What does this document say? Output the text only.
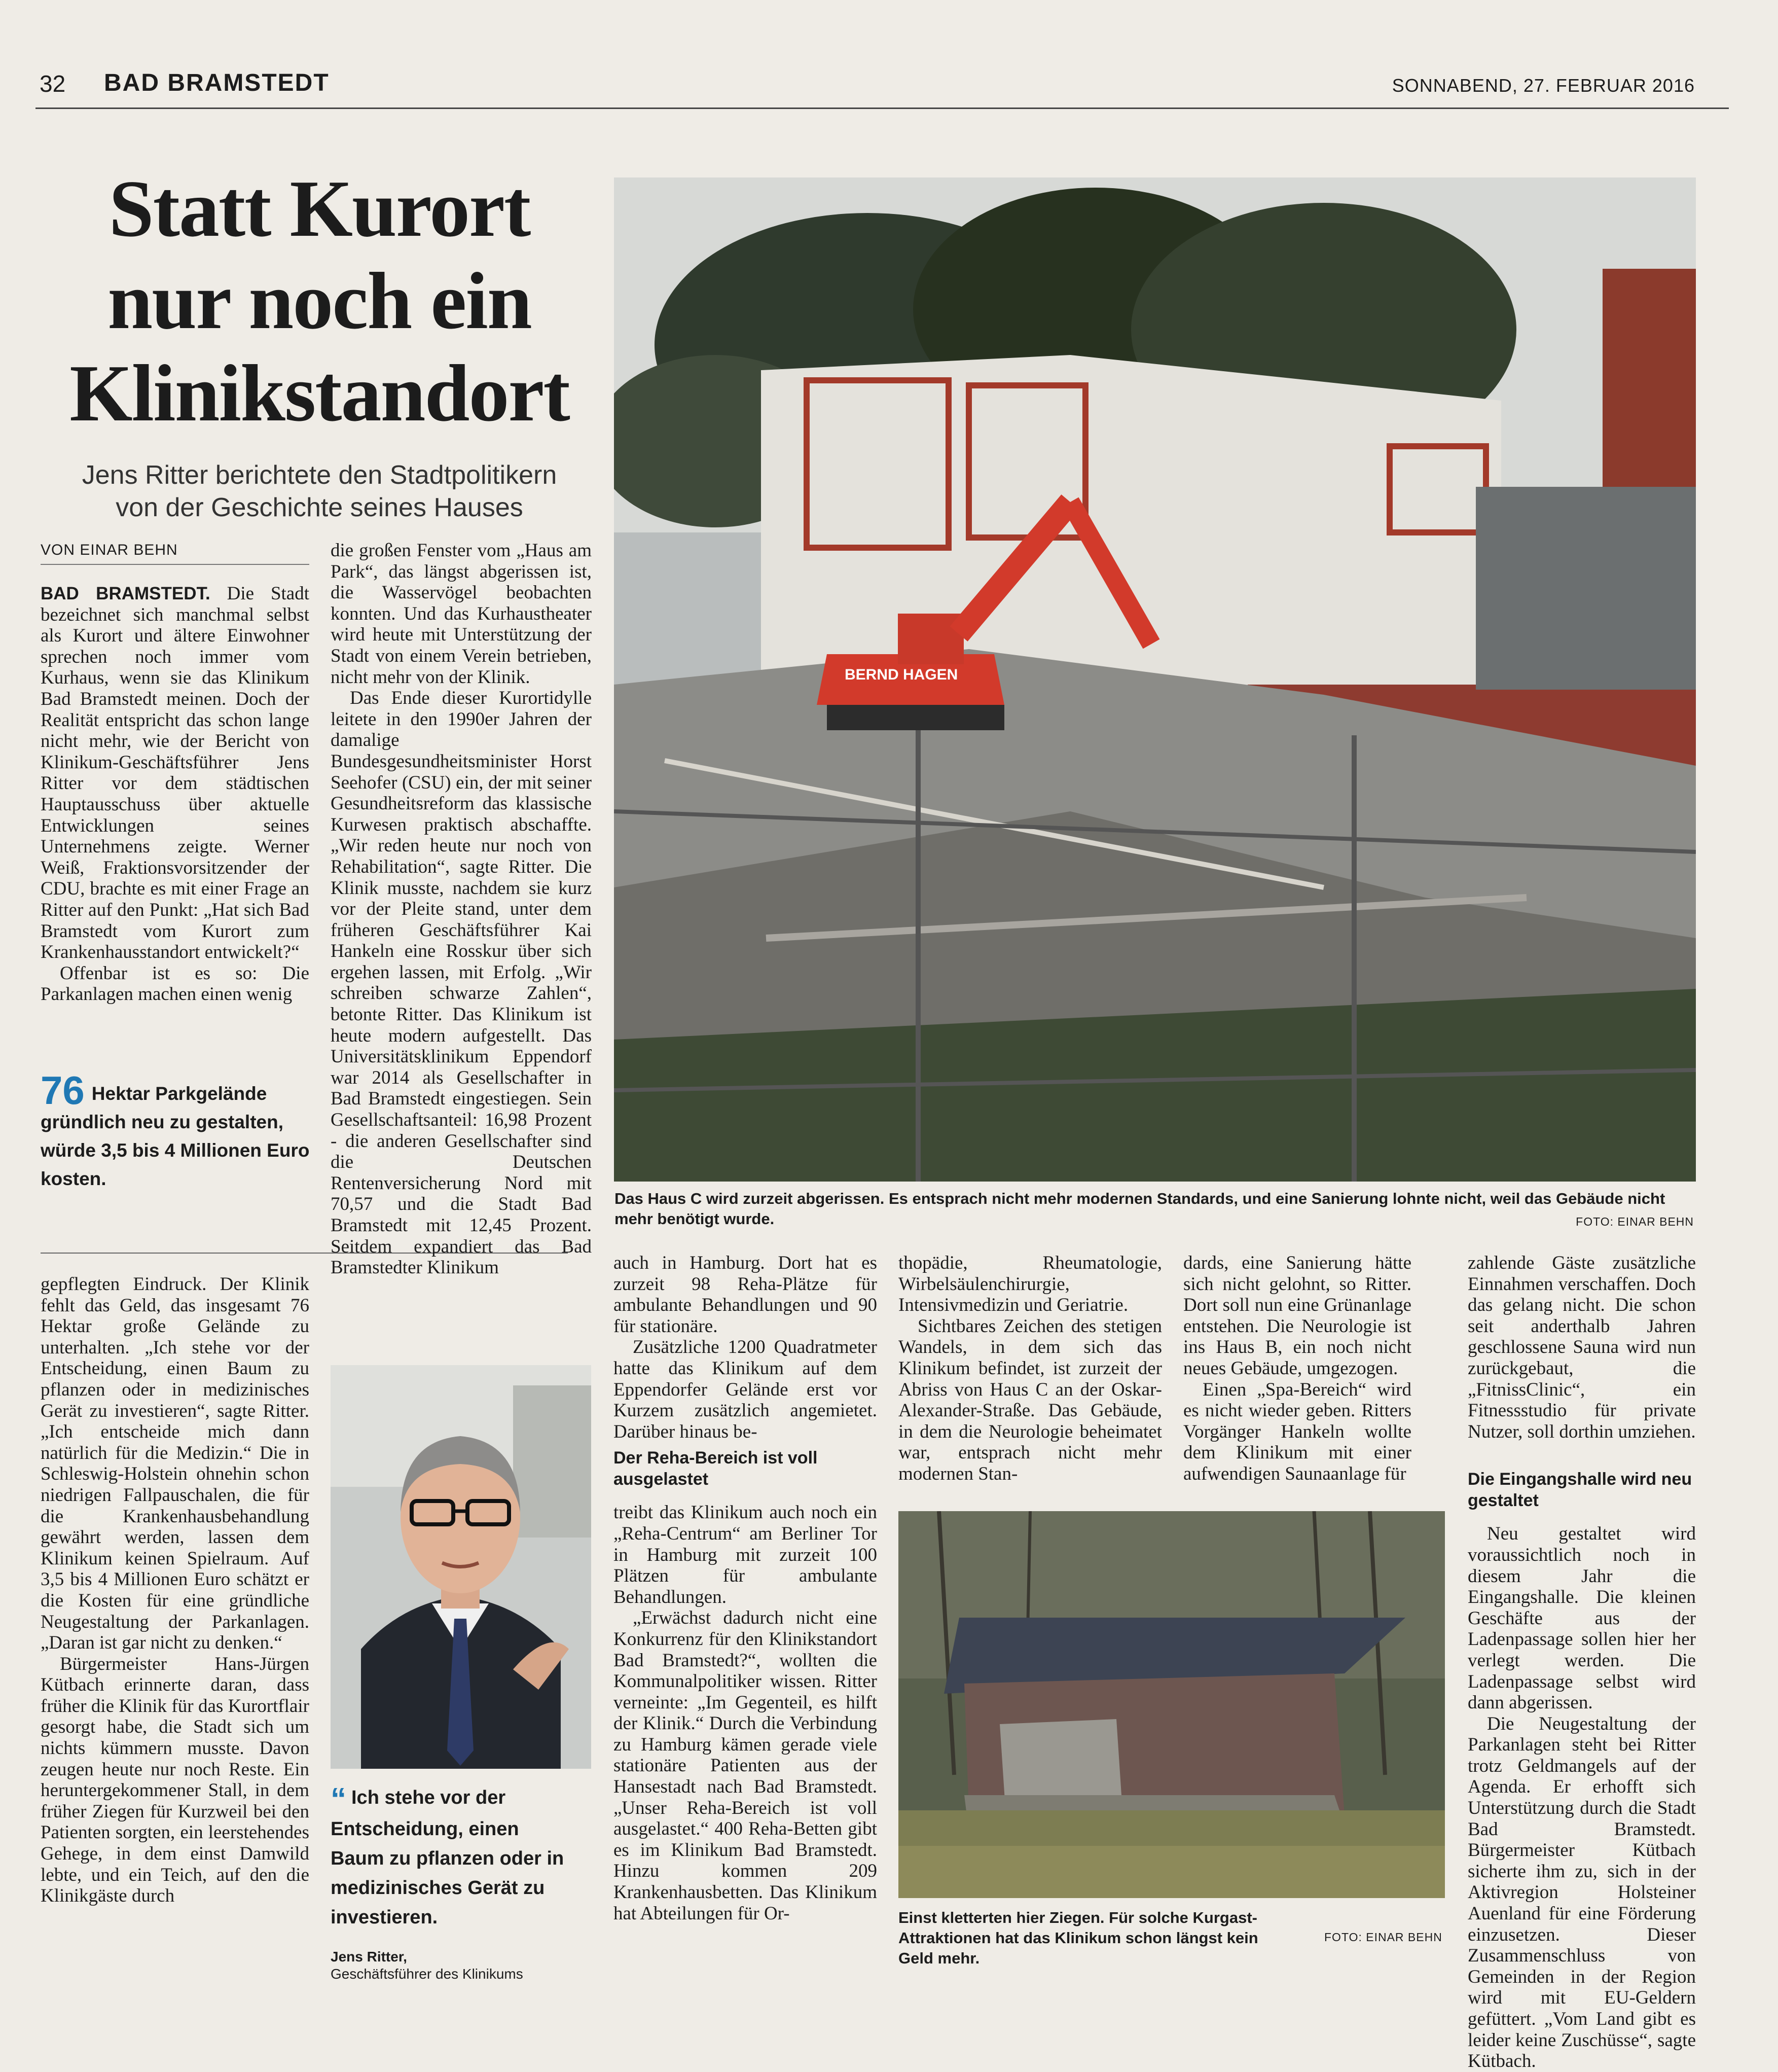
32 BAD BRAMSTEDT	SONNABEND, 27. FEBRUAR 2016
Statt Kurort
nur noch ein
Klinikstandort
Jens Ritter berichtete den Stadtpolitikern
von der Geschichte seines Hauses
VON EINAR BEHN

BAD BRAMSTEDT. Die Stadt bezeichnet sich manchmal selbst als Kurort und ältere Einwohner sprechen noch immer vom Kurhaus, wenn sie das Klinikum Bad Bramstedt meinen. Doch der Realität entspricht das schon lange nicht mehr, wie der Bericht von Klinikum-Geschäftsführer Jens Ritter vor dem städtischen Hauptausschuss über aktuelle Entwicklungen seines Unternehmens zeigte. Werner Weiß, Fraktionsvorsitzender der CDU, brachte es mit einer Frage an Ritter auf den Punkt: „Hat sich Bad Bramstedt vom Kurort zum Krankenhausstandort entwickelt?“

Offenbar ist es so: Die Parkanlagen machen einen wenig

76 Hektar Parkgelände gründlich neu zu gestalten, würde 3,5 bis 4 Millionen Euro kosten.

gepflegten Eindruck. Der Klinik fehlt das Geld, das insgesamt 76 Hektar große Gelände zu unterhalten. „Ich stehe vor der Entscheidung, einen Baum zu pflanzen oder in medizinisches Gerät zu investieren“, sagte Ritter. „Ich entscheide mich dann natürlich für die Medizin.“ Die in Schleswig-Holstein ohnehin schon niedrigen Fallpauschalen, die für die Krankenhausbehandlung gewährt werden, lassen dem Klinikum keinen Spielraum. Auf 3,5 bis 4 Millionen Euro schätzt er die Kosten für eine gründliche Neugestaltung der Parkanlagen. „Daran ist gar nicht zu denken.“

Bürgermeister Hans-Jürgen Kütbach erinnerte daran, dass früher die Klinik für das Kurortflair gesorgt habe, die Stadt sich um nichts kümmern musste. Davon zeugen heute nur noch Reste. Ein heruntergekommener Stall, in dem früher Ziegen für Kurzweil bei den Patienten sorgten, ein leerstehendes Gehege, in dem einst Damwild lebte, und ein Teich, auf den die Klinikgäste durch

die großen Fenster vom „Haus am Park“, das längst abgerissen ist, die Wasservögel beobachten konnten. Und das Kurhaustheater wird heute mit Unterstützung der Stadt von einem Verein betrieben, nicht mehr von der Klinik.

Das Ende dieser Kurortidylle leitete in den 1990er Jahren der damalige Bundesgesundheitsminister Horst Seehofer (CSU) ein, der mit seiner Gesundheitsreform das klassische Kurwesen praktisch abschaffte. „Wir reden heute nur noch von Rehabilitation“, sagte Ritter. Die Klinik musste, nachdem sie kurz vor der Pleite stand, unter dem früheren Geschäftsführer Kai Hankeln eine Rosskur über sich ergehen lassen, mit Erfolg. „Wir schreiben schwarze Zahlen“, betonte Ritter. Das Klinikum ist heute modern aufgestellt. Das Universitätsklinikum Eppendorf war 2014 als Gesellschafter in Bad Bramstedt eingestiegen. Sein Gesellschaftsanteil: 16,98 Prozent - die anderen Gesellschafter sind die Deutschen Rentenversicherung Nord mit 70,57 und die Stadt Bad Bramstedt mit 12,45 Prozent. Seitdem expandiert das Bad Bramstedter Klinikum

“ Ich stehe vor der Entscheidung, einen Baum zu pflanzen oder in medizinisches Gerät zu investieren.
Jens Ritter,
Geschäftsführer des Klinikums

auch in Hamburg. Dort hat es zurzeit 98 Reha-Plätze für ambulante Behandlungen und 90 für stationäre.

Zusätzliche 1200 Quadratmeter hatte das Klinikum auf dem Eppendorfer Gelände erst vor Kurzem zusätzlich angemietet. Darüber hinaus be-

Der Reha-Bereich ist voll ausgelastet

treibt das Klinikum auch noch ein „Reha-Centrum“ am Berliner Tor in Hamburg mit zurzeit 100 Plätzen für ambulante Behandlungen.

„Erwächst dadurch nicht eine Konkurrenz für den Klinikstandort Bad Bramstedt?“, wollten die Kommunalpolitiker wissen. Ritter verneinte: „Im Gegenteil, es hilft der Klinik.“ Durch die Verbindung zu Hamburg kämen gerade viele stationäre Patienten aus der Hansestadt nach Bad Bramstedt. „Unser Reha-Bereich ist voll ausgelastet.“ 400 Reha-Betten gibt es im Klinikum Bad Bramstedt. Hinzu kommen 209 Krankenhausbetten. Das Klinikum hat Abteilungen für Or-

BERND HAGEN
Das Haus C wird zurzeit abgerissen. Es entsprach nicht mehr modernen Standards, und eine Sanierung lohnte nicht, weil das Gebäude nicht mehr benötigt wurde.	FOTO: EINAR BEHN

thopädie, Rheumatologie, Wirbelsäulenchirurgie, Intensivmedizin und Geriatrie.

Sichtbares Zeichen des stetigen Wandels, in dem sich das Klinikum befindet, ist zurzeit der Abriss von Haus C an der Oskar-Alexander-Straße. Das Gebäude, in dem die Neurologie beheimatet war, entsprach nicht mehr modernen Stan-

dards, eine Sanierung hätte sich nicht gelohnt, so Ritter. Dort soll nun eine Grünanlage entstehen. Die Neurologie ist ins Haus B, ein noch nicht neues Gebäude, umgezogen.

Einen „Spa-Bereich“ wird es nicht wieder geben. Ritters Vorgänger Hankeln wollte dem Klinikum mit einer aufwendigen Saunaanlage für

Einst kletterten hier Ziegen. Für solche Kurgast-Attraktionen hat das Klinikum schon längst kein Geld mehr.
FOTO: EINAR BEHN

zahlende Gäste zusätzliche Einnahmen verschaffen. Doch das gelang nicht. Die schon seit anderthalb Jahren geschlossene Sauna wird nun zurückgebaut, die „FitnissClinic“, ein Fitnessstudio für private Nutzer, soll dorthin umziehen.

Die Eingangshalle wird neu gestaltet

Neu gestaltet wird voraussichtlich noch in diesem Jahr die Eingangshalle. Die kleinen Geschäfte aus der Ladenpassage sollen hier her verlegt werden. Die Ladenpassage selbst wird dann abgerissen.

Die Neugestaltung der Parkanlagen steht bei Ritter trotz Geldmangels auf der Agenda. Er erhofft sich Unterstützung durch die Stadt Bad Bramstedt. Bürgermeister Kütbach sicherte ihm zu, sich in der Aktivregion Holsteiner Auenland für eine Förderung einzusetzen. Dieser Zusammenschluss von Gemeinden in der Region wird mit EU-Geldern gefüttert. „Vom Land gibt es leider keine Zuschüsse“, sagte Kütbach.
